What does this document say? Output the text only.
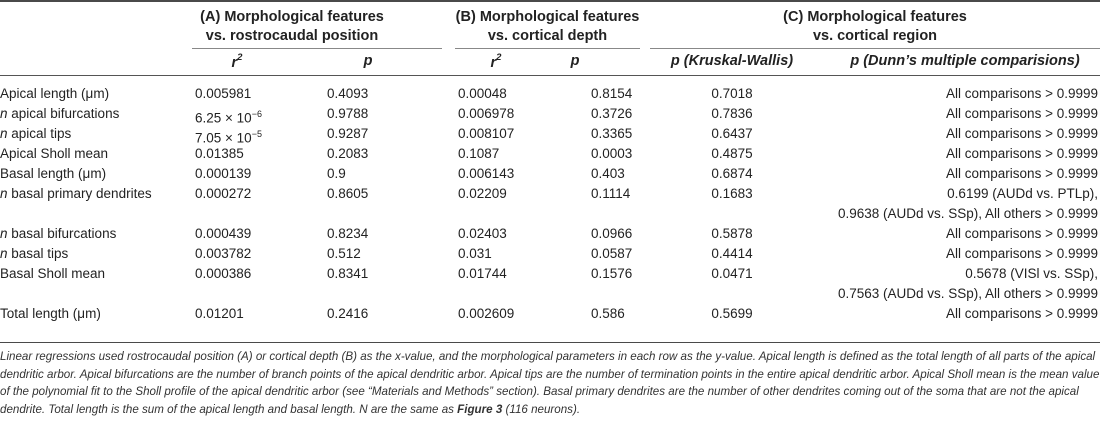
(A) Morphological features
vs. rostrocaudal position
(B) Morphological features
vs. cortical depth
(C) Morphological features
vs. cortical region
$r^2$	p	$r^2$	p	p (Kruskal-Wallis)	p (Dunn’s multiple comparisions)
Apical length (μm)	0.005981	0.4093	0.00048	0.8154	0.7018	All comparisons > 0.9999
n apical bifurcations	$6.25 \times 10^{-6}$	0.9788	0.006978	0.3726	0.7836	All comparisons > 0.9999
n apical tips	$7.05 \times 10^{-5}$	0.9287	0.008107	0.3365	0.6437	All comparisons > 0.9999
Apical Sholl mean	0.01385	0.2083	0.1087	0.0003	0.4875	All comparisons > 0.9999
Basal length (μm)	0.000139	0.9	0.006143	0.403	0.6874	All comparisons > 0.9999
n basal primary dendrites	0.000272	0.8605	0.02209	0.1114	0.1683	0.6199 (AUDd vs. PTLp),
0.9638 (AUDd vs. SSp), All others > 0.9999
n basal bifurcations	0.000439	0.8234	0.02403	0.0966	0.5878	All comparisons > 0.9999
n basal tips	0.003782	0.512	0.031	0.0587	0.4414	All comparisons > 0.9999
Basal Sholl mean	0.000386	0.8341	0.01744	0.1576	0.0471	0.5678 (VISl vs. SSp),
0.7563 (AUDd vs. SSp), All others > 0.9999
Total length (μm)	0.01201	0.2416	0.002609	0.586	0.5699	All comparisons > 0.9999
Linear regressions used rostrocaudal position (A) or cortical depth (B) as the x-value, and the morphological parameters in each row as the y-value. Apical length is defined as the total length of all parts of the apical dendritic arbor. Apical bifurcations are the number of branch points of the apical dendritic arbor. Apical tips are the number of termination points in the entire apical dendritic arbor. Apical Sholl mean is the mean value of the polynomial fit to the Sholl profile of the apical dendritic arbor (see “Materials and Methods” section). Basal primary dendrites are the number of other dendrites coming out of the soma that are not the apical dendrite. Total length is the sum of the apical length and basal length. N are the same as Figure 3 (116 neurons).
